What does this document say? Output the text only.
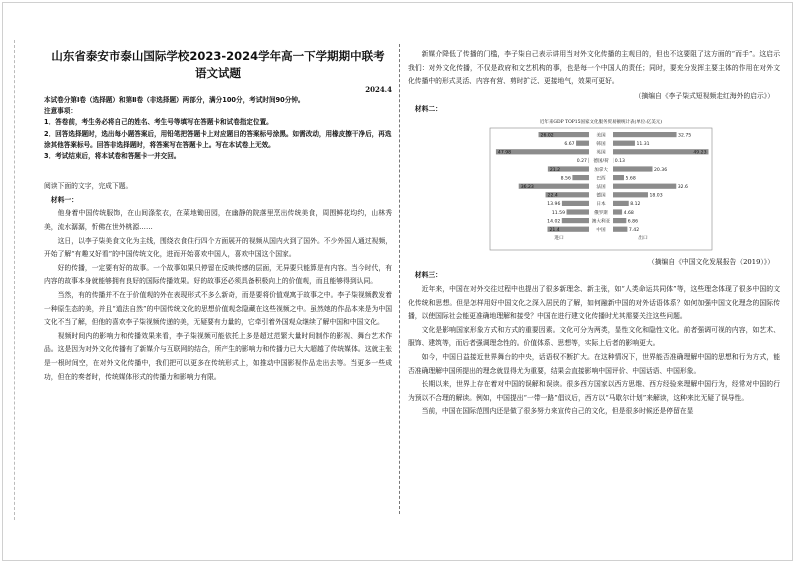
山东省泰安市泰山国际学校2023-2024学年高一下学期期中联考
语文试题
2024.4

本试卷分第Ⅰ卷（选择题）和第Ⅱ卷（非选择题）两部分，满分100分，考试时间90分钟。

注意事项：

1．答卷前，考生务必将自己的姓名、考生号等填写在答题卡和试卷指定位置。

2．回答选择题时，选出每小题答案后，用铅笔把答题卡上对应题目的答案标号涂黑。如需改动，用橡皮擦干净后，再选涂其他答案标号。回答非选择题时，将答案写在答题卡上。写在本试卷上无效。

3．考试结束后，将本试卷和答题卡一并交回。

阅读下面的文字，完成下题。

材料一：

他身着中国传统服饰，在山间涤浆衣，在菜地锄田园，在幽静的院落里烹出传统美食，周围鲜花均约，山林秀美，流水潺潺，忻佛在世外桃源……

这日，以李子柒美食文化为主线，围绕衣食住行四个方面展开的视频从国内火到了国外。不少外国人通过视频，开始了解“有趣又好看”的中国传统文化，进而开始喜欢中国人，喜欢中国这个国家。

好的传播，一定要有好的故事。一个故事如果只停留在反映传感的层面，无异要只能算是有内容。当今时代，有内容的故事本身就能够拥有良好的国际传播效果。好的故事还必须具备积极向上的价值观，而且能够得到认同。

当然，有的传播并不在于价值观的外在表现形式不多么新奇，而是要将价值观寓于故事之中。李子柒视频教发着一种原生态的美，并且“道法自然”的中国传统文化的思想价值观念隐藏在这些视频之中。虽然她的作品本来是为中国文化不当了解，但他的喜欢李子柒视频传递的美，无疑要有力量的，它牵引着外国观众继续了解中国和中国文化。

视频时间内的影响力和传播效果来看，李子柒视频可能依托上多是超过范繁大量时间制作的影视、舞台艺术作品。这是因为对外文化传播有了新媒介与互联网的结合，所产生的影响力和传播力已大大超越了传统媒体。这就主张是一根时间空，在对外文化传播中，我们把可以更多在传统形式上，如推动中国影视作品走出去等。当更多一些成功，但在的奏者时，传统媒体形式的传播力和影响力有限。

新媒介降低了传播的门槛，李子柒自己表示讲用当对外文化传播的主观目的，但也不这要阻了这方面的“而手”。这启示我们：对外文化传播，不仅是政府和文艺机构的事，也是每一个中国人的责任；同时，要充分发挥主要主体的作用在对外文化传播中的形式灵活、内容有营、剪时扩泛、更接地气，效果可更好。

（摘编自《李子柒式短视频走红海外的启示》）
材料二：
近年来GDP TOP15国家文化服务贸易额统计表(单位:亿美元)
美国
26.02	32.75
韩国
6.67	11.31
英国
47.98	49.23
德国/荷
0.27	0.13
加拿大
21.2	20.36
巴西
8.56	5.68
法国
36.23	32.6
德国
22.4	18.03
日本
13.96	8.12
俄罗斯
11.59	4.68
澳大利亚
14.02	6.86
中国
21.4	7.42
进口	出口
（摘编自《中国文化发展报告（2019）》）
材料三：

近年来，中国在对外交往过程中也提出了很多新理念、新主张，如“人类命运共同体”等，这些理念体现了很多中国的文化传统和思想。但是怎样用好中国文化之深入居民的了解，如何融新中国的对外话语体系？如何加强中国文化理念的国际传播，以使国际社会能更准确地理解和接受？中国在进行建文化传播时尤其需要关注这些问题。

文化是影响国家形象方式和方式的重要因素。文化可分为两类，显性文化和隐性文化。前者强调可视的内容，如艺术、服饰、建筑等，而后者强调理念性的。价值体系、思想等，实际上后者的影响更大。

如今，中国日益接近世界舞台的中央，话语权不断扩大。在这种情况下，世界能否准确理解中国的思想和行为方式，能否准确理解中国所提出的理念就显得尤为重要，结果会直接影响中国评价、中国话语、中国形象。

长期以来，世界上存在着对中国的误解和误读。很多西方国家以西方思维、西方经验来理解中国行为，经常对中国的行为预以不合理的解读。例如，中国提出“一带一路”倡议后，西方以“马歇尔计划”来解读，这种来比无疑了误导性。

当前，中国在国际范围内还是做了很多努力来宣传自己的文化，但是很多时候还是停留在显
